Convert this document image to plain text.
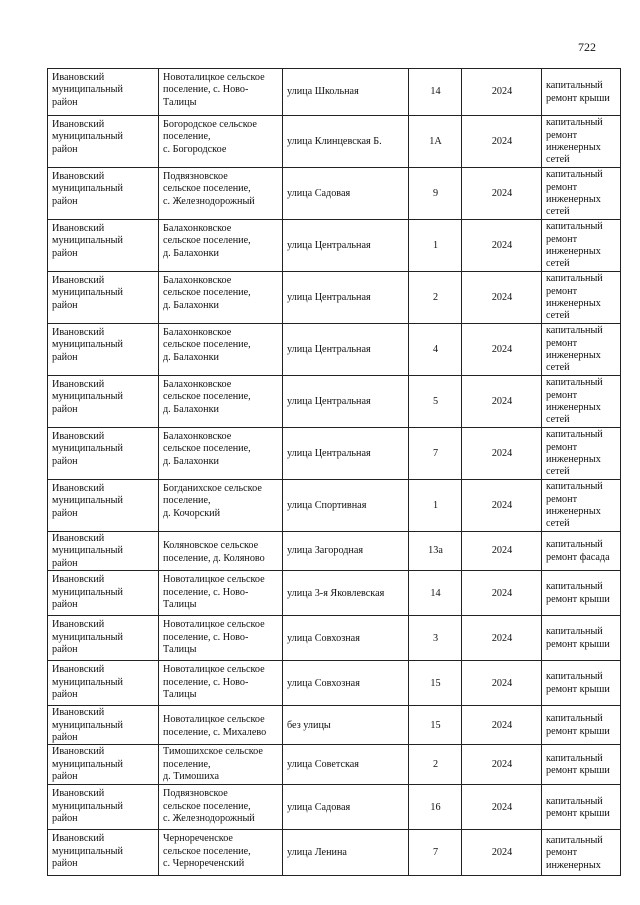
722
Ивановский
муниципальный
район	Новоталицкое сельское
поселение, с. Ново-
Талицы	улица Школьная	14	2024	капитальный
ремонт крыши
Ивановский
муниципальный
район	Богородское сельское
поселение,
с. Богородское	улица Клинцевская Б.	1А	2024	капитальный
ремонт
инженерных
сетей
Ивановский
муниципальный
район	Подвязновское
сельское поселение,
с. Железнодорожный	улица Садовая	9	2024	капитальный
ремонт
инженерных
сетей
Ивановский
муниципальный
район	Балахонковское
сельское поселение,
д. Балахонки	улица Центральная	1	2024	капитальный
ремонт
инженерных
сетей
Ивановский
муниципальный
район	Балахонковское
сельское поселение,
д. Балахонки	улица Центральная	2	2024	капитальный
ремонт
инженерных
сетей
Ивановский
муниципальный
район	Балахонковское
сельское поселение,
д. Балахонки	улица Центральная	4	2024	капитальный
ремонт
инженерных
сетей
Ивановский
муниципальный
район	Балахонковское
сельское поселение,
д. Балахонки	улица Центральная	5	2024	капитальный
ремонт
инженерных
сетей
Ивановский
муниципальный
район	Балахонковское
сельское поселение,
д. Балахонки	улица Центральная	7	2024	капитальный
ремонт
инженерных
сетей
Ивановский
муниципальный
район	Богданихское сельское
поселение,
д. Кочорский	улица Спортивная	1	2024	капитальный
ремонт
инженерных
сетей
Ивановский
муниципальный
район	Коляновское сельское
поселение, д. Коляново	улица Загородная	13а	2024	капитальный
ремонт фасада
Ивановский
муниципальный
район	Новоталицкое сельское
поселение, с. Ново-
Талицы	улица 3-я Яковлевская	14	2024	капитальный
ремонт крыши
Ивановский
муниципальный
район	Новоталицкое сельское
поселение, с. Ново-
Талицы	улица Совхозная	3	2024	капитальный
ремонт крыши
Ивановский
муниципальный
район	Новоталицкое сельское
поселение, с. Ново-
Талицы	улица Совхозная	15	2024	капитальный
ремонт крыши
Ивановский
муниципальный
район	Новоталицкое сельское
поселение, с. Михалево	без улицы	15	2024	капитальный
ремонт крыши
Ивановский
муниципальный
район	Тимошихское сельское
поселение,
д. Тимошиха	улица Советская	2	2024	капитальный
ремонт крыши
Ивановский
муниципальный
район	Подвязновское
сельское поселение,
с. Железнодорожный	улица Садовая	16	2024	капитальный
ремонт крыши
Ивановский
муниципальный
район	Чернореченское
сельское поселение,
с. Чернореченский	улица Ленина	7	2024	капитальный
ремонт
инженерных
